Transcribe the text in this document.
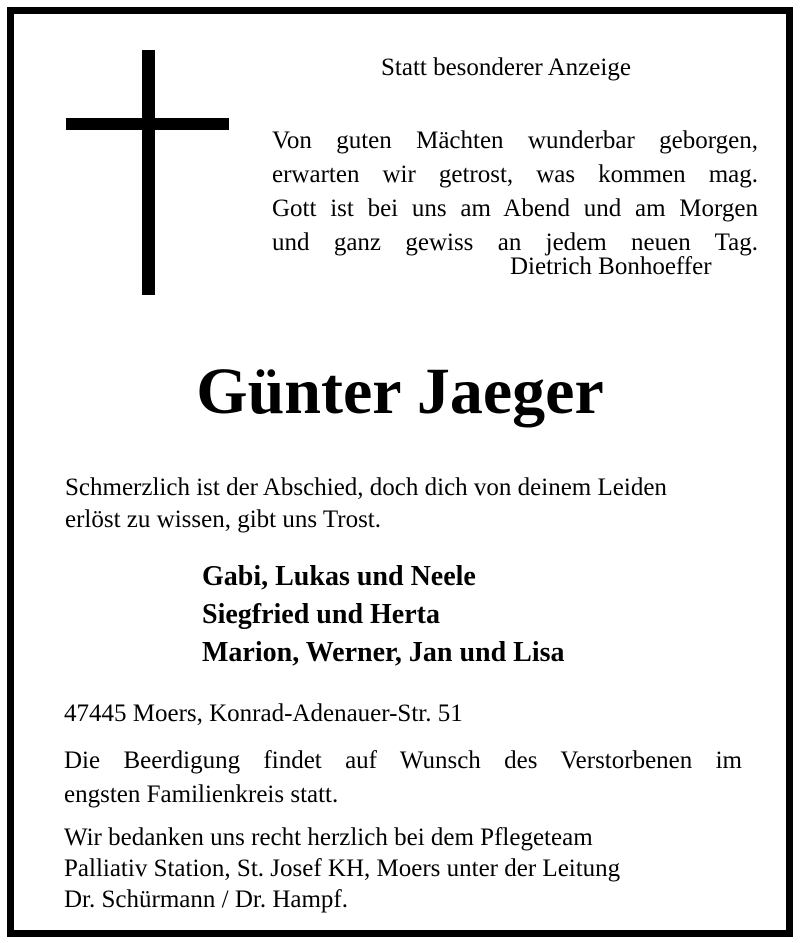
Statt besonderer Anzeige
Von guten Mächten wunderbar geborgen,
erwarten wir getrost, was kommen mag.
Gott ist bei uns am Abend und am Morgen
und ganz gewiss an jedem neuen Tag.
Dietrich Bonhoeffer
Günter Jaeger
Schmerzlich ist der Abschied, doch dich von deinem Leiden
erlöst zu wissen, gibt uns Trost.
Gabi, Lukas und Neele
Siegfried und Herta
Marion, Werner, Jan und Lisa
47445 Moers, Konrad-Adenauer-Str. 51
Die Beerdigung findet auf Wunsch des Verstorbenen im
engsten Familienkreis statt.
Wir bedanken uns recht herzlich bei dem Pflegeteam
Palliativ Station, St. Josef KH, Moers unter der Leitung
Dr. Schürmann / Dr. Hampf.
